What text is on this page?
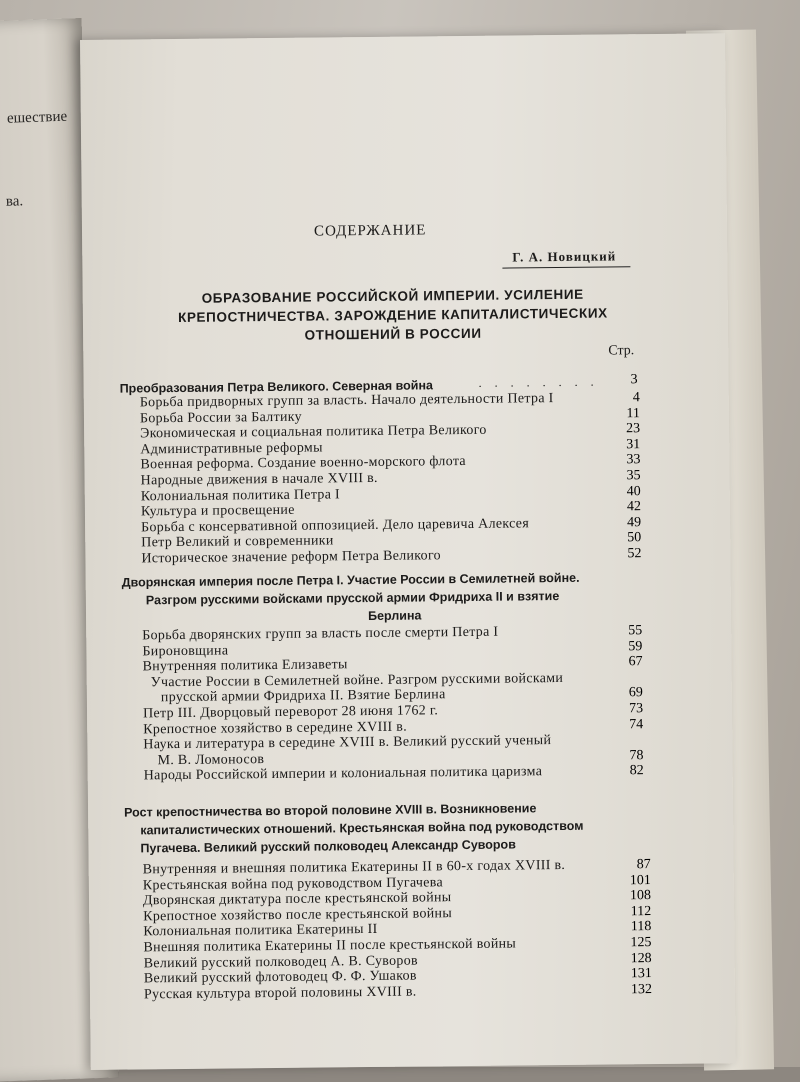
ешествие
ва.
СОДЕРЖАНИЕ
Г. А. Новицкий
ОБРАЗОВАНИЕ РОССИЙСКОЙ ИМПЕРИИ. УСИЛЕНИЕ
КРЕПОСТНИЧЕСТВА. ЗАРОЖДЕНИЕ КАПИТАЛИСТИЧЕСКИХ
ОТНОШЕНИЙ В РОССИИ
Стр.
Преобразования Петра Великого. Северная война	. . . . . . . .	3
Борьба придворных групп за власть. Начало деятельности Петра I	4
Борьба России за Балтику	11
Экономическая и социальная политика Петра Великого	23
Административные реформы	31
Военная реформа. Создание военно-морского флота	33
Народные движения в начале XVIII в.	35
Колониальная политика Петра I	40
Культура и просвещение	42
Борьба с консервативной оппозицией. Дело царевича Алексея	49
Петр Великий и современники	50
Историческое значение реформ Петра Великого	52
Дворянская империя после Петра I. Участие России в Семилетней войне.
Разгром русскими войсками прусской армии Фридриха II и взятие
Берлина
Борьба дворянских групп за власть после смерти Петра I	55
Бироновщина	59
Внутренняя политика Елизаветы	67
Участие России в Семилетней войне. Разгром русскими войсками
прусской армии Фридриха II. Взятие Берлина	69
Петр III. Дворцовый переворот 28 июня 1762 г.	73
Крепостное хозяйство в середине XVIII в.	74
Наука и литература в середине XVIII в. Великий русский ученый
М. В. Ломоносов	78
Народы Российской империи и колониальная политика царизма	82
Рост крепостничества во второй половине XVIII в. Возникновение
капиталистических отношений. Крестьянская война под руководством
Пугачева. Великий русский полководец Александр Суворов
Внутренняя и внешняя политика Екатерины II в 60-х годах XVIII в.	87
Крестьянская война под руководством Пугачева	101
Дворянская диктатура после крестьянской войны	108
Крепостное хозяйство после крестьянской войны	112
Колониальная политика Екатерины II	118
Внешняя политика Екатерины II после крестьянской войны	125
Великий русский полководец А. В. Суворов	128
Великий русский флотоводец Ф. Ф. Ушаков	131
Русская культура второй половины XVIII в.	132
